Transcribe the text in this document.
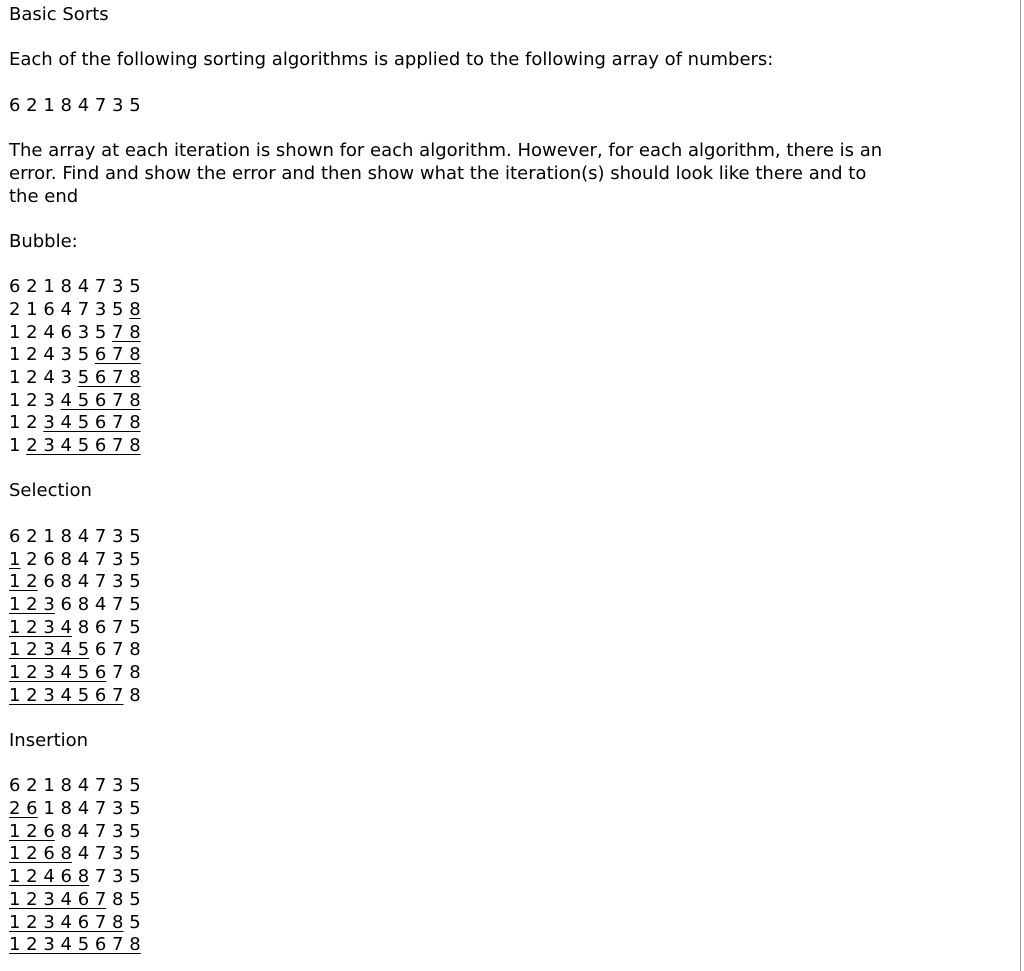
Basic Sorts
Each of the following sorting algorithms is applied to the following array of numbers:
6 2 1 8 4 7 3 5
The array at each iteration is shown for each algorithm. However, for each algorithm, there is an error. Find and show the error and then show what the iteration(s) should look like there and to the end
Bubble:
6 2 1 8 4 7 3 5
2 1 6 4 7 3 5 8
1 2 4 6 3 5 7 8
1 2 4 3 5 6 7 8
1 2 4 3 5 6 7 8
1 2 3 4 5 6 7 8
1 2 3 4 5 6 7 8
1 2 3 4 5 6 7 8
Selection
6 2 1 8 4 7 3 5
1 2 6 8 4 7 3 5
1 2 6 8 4 7 3 5
1 2 3 6 8 4 7 5
1 2 3 4 8 6 7 5
1 2 3 4 5 6 7 8
1 2 3 4 5 6 7 8
1 2 3 4 5 6 7 8
Insertion
6 2 1 8 4 7 3 5
2 6 1 8 4 7 3 5
1 2 6 8 4 7 3 5
1 2 6 8 4 7 3 5
1 2 4 6 8 7 3 5
1 2 3 4 6 7 8 5
1 2 3 4 6 7 8 5
1 2 3 4 5 6 7 8
